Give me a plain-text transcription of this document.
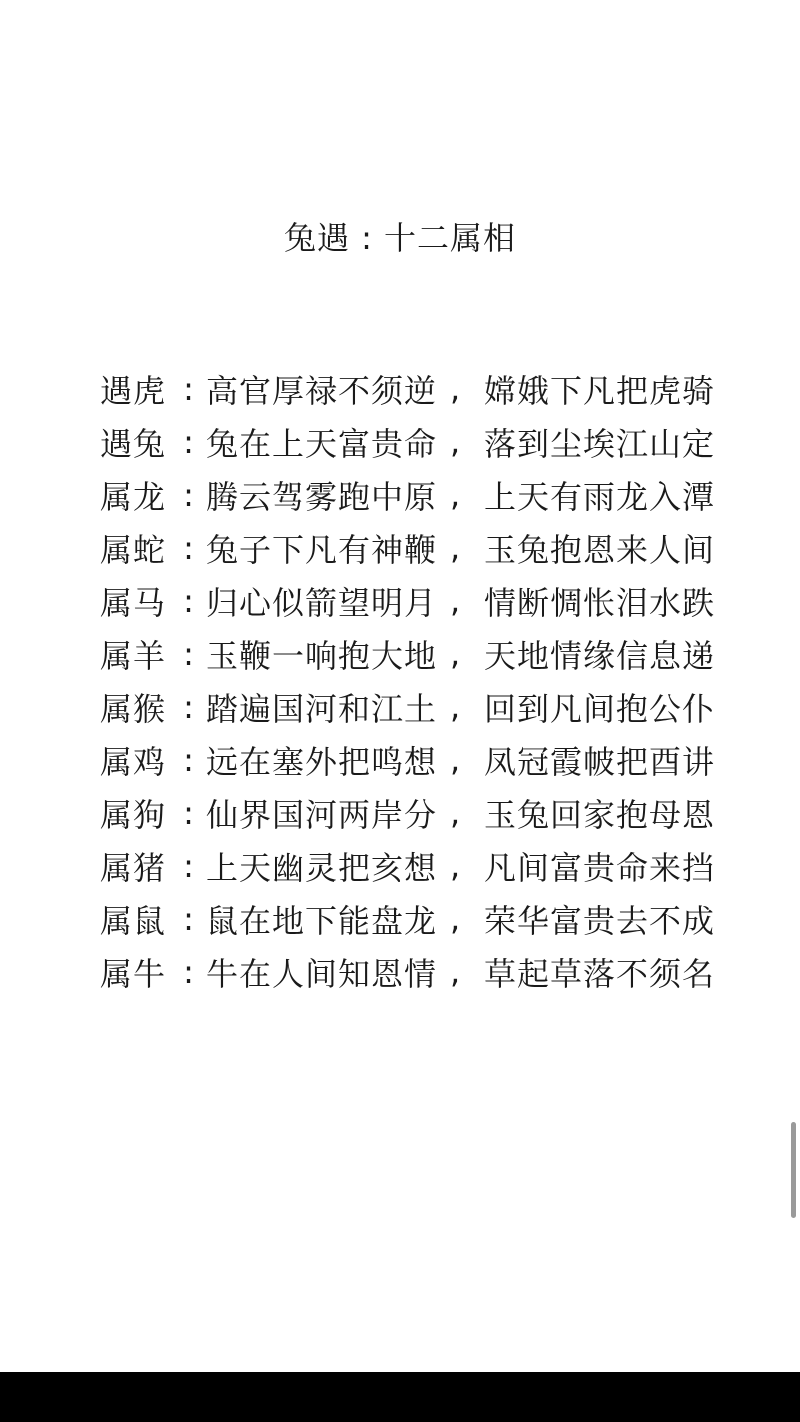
兔遇 : 十二属相
遇虎 : 高官厚禄不须逆 , 嫦娥下凡把虎骑
遇兔 : 兔在上天富贵命 , 落到尘埃江山定
属龙 : 腾云驾雾跑中原 , 上天有雨龙入潭
属蛇 : 兔子下凡有神鞭 , 玉兔抱恩来人间
属马 : 归心似箭望明月 , 情断惆怅泪水跌
属羊 : 玉鞭一响抱大地 , 天地情缘信息递
属猴 : 踏遍国河和江土 , 回到凡间抱公仆
属鸡 : 远在塞外把鸣想 , 凤冠霞帔把酉讲
属狗 : 仙界国河两岸分 , 玉兔回家抱母恩
属猪 : 上天幽灵把亥想 , 凡间富贵命来挡
属鼠 : 鼠在地下能盘龙 , 荣华富贵去不成
属牛 : 牛在人间知恩情 , 草起草落不须名
